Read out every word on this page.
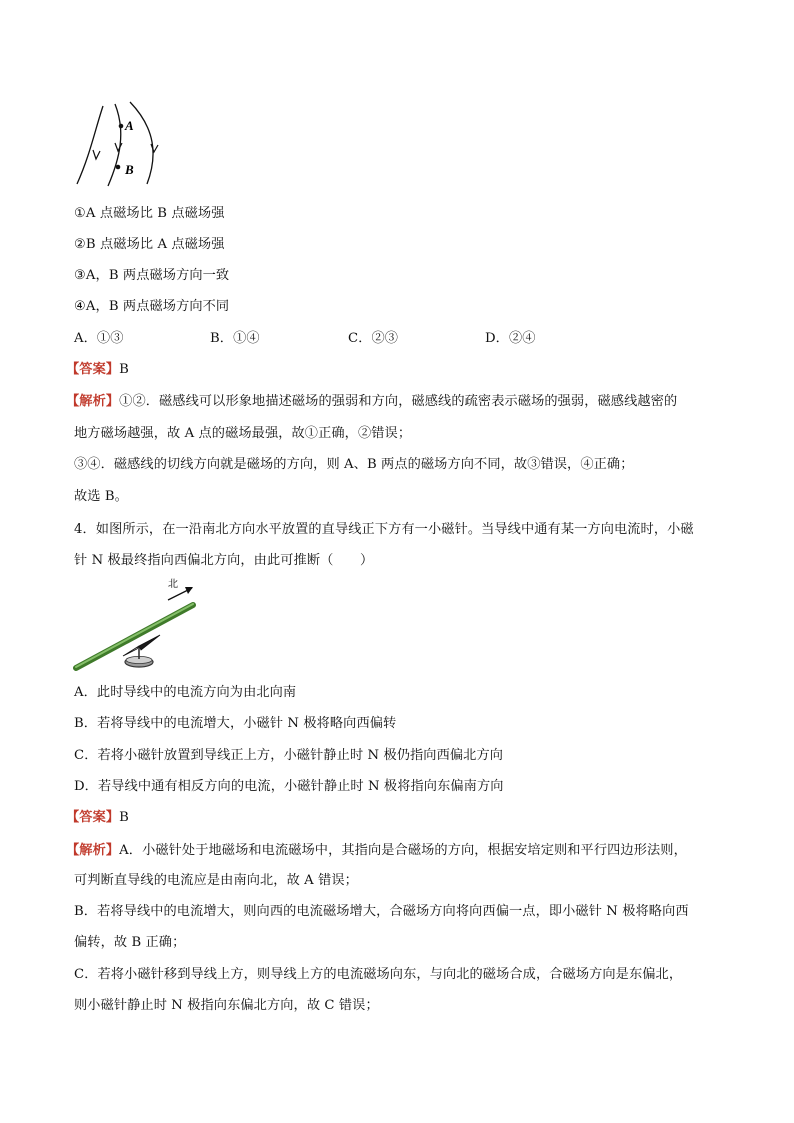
A
B
①A 点磁场比 B 点磁场强
②B 点磁场比 A 点磁场强
③A，B 两点磁场方向一致
④A，B 两点磁场方向不同
A．①③	B．①④	C．②③	D．②④
【答案】B
【解析】①②．磁感线可以形象地描述磁场的强弱和方向，磁感线的疏密表示磁场的强弱，磁感线越密的
地方磁场越强，故 A 点的磁场最强，故①正确，②错误；
③④．磁感线的切线方向就是磁场的方向，则 A、B 两点的磁场方向不同，故③错误，④正确；
故选 B。
4．如图所示，在一沿南北方向水平放置的直导线正下方有一小磁针。当导线中通有某一方向电流时，小磁
针 N 极最终指向西偏北方向，由此可推断（　　）
北
A．此时导线中的电流方向为由北向南
B．若将导线中的电流增大，小磁针 N 极将略向西偏转
C．若将小磁针放置到导线正上方，小磁针静止时 N 极仍指向西偏北方向
D．若导线中通有相反方向的电流，小磁针静止时 N 极将指向东偏南方向
【答案】B
【解析】A．小磁针处于地磁场和电流磁场中，其指向是合磁场的方向，根据安培定则和平行四边形法则，
可判断直导线的电流应是由南向北，故 A 错误；
B．若将导线中的电流增大，则向西的电流磁场增大，合磁场方向将向西偏一点，即小磁针 N 极将略向西
偏转，故 B 正确；
C．若将小磁针移到导线上方，则导线上方的电流磁场向东，与向北的磁场合成，合磁场方向是东偏北，
则小磁针静止时 N 极指向东偏北方向，故 C 错误；
